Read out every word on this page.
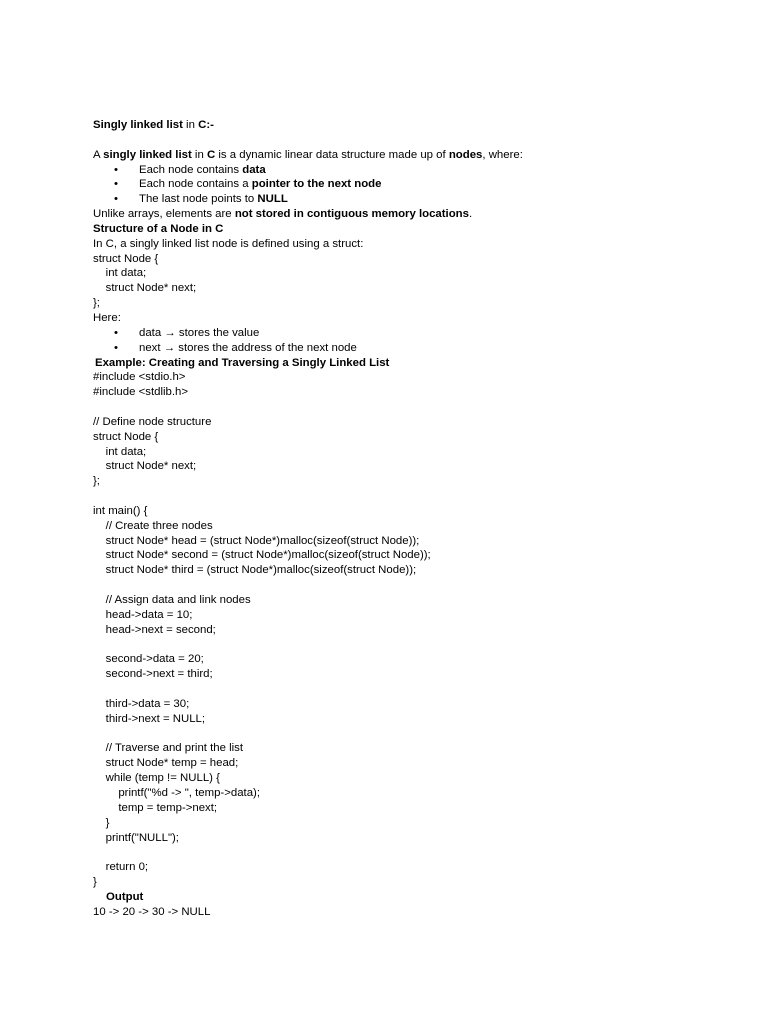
Singly linked list in C:-
A singly linked list in C is a dynamic linear data structure made up of nodes, where:
• Each node contains data
• Each node contains a pointer to the next node
• The last node points to NULL
Unlike arrays, elements are not stored in contiguous memory locations.
Structure of a Node in C
In C, a singly linked list node is defined using a struct:
struct Node {
int data;
struct Node* next;
};
Here:
• data → stores the value
• next → stores the address of the next node
Example: Creating and Traversing a Singly Linked List
#include <stdio.h>
#include <stdlib.h>
// Define node structure
struct Node {
int data;
struct Node* next;
};
int main() {
// Create three nodes
struct Node* head = (struct Node*)malloc(sizeof(struct Node));
struct Node* second = (struct Node*)malloc(sizeof(struct Node));
struct Node* third = (struct Node*)malloc(sizeof(struct Node));
// Assign data and link nodes
head->data = 10;
head->next = second;
second->data = 20;
second->next = third;
third->data = 30;
third->next = NULL;
// Traverse and print the list
struct Node* temp = head;
while (temp != NULL) {
printf("%d -> ", temp->data);
temp = temp->next;
}
printf("NULL");
return 0;
}
Output
10 -> 20 -> 30 -> NULL
